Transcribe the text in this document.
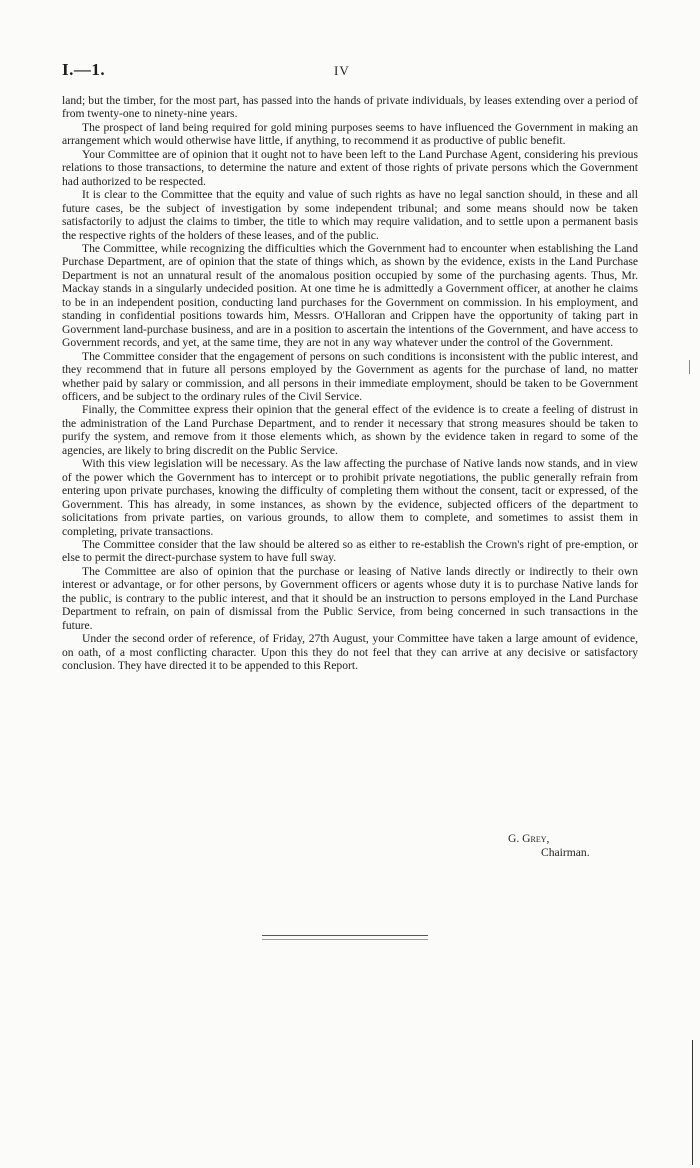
I.—1.	IV

land; but the timber, for the most part, has passed into the hands of private individuals, by leases extending over a period of from twenty-one to ninety-nine years.

The prospect of land being required for gold mining purposes seems to have influenced the Government in making an arrangement which would otherwise have little, if anything, to recommend it as productive of public benefit.

Your Committee are of opinion that it ought not to have been left to the Land Purchase Agent, considering his previous relations to those transactions, to determine the nature and extent of those rights of private persons which the Government had authorized to be respected.

It is clear to the Committee that the equity and value of such rights as have no legal sanction should, in these and all future cases, be the subject of investigation by some independent tribunal; and some means should now be taken satisfactorily to adjust the claims to timber, the title to which may require validation, and to settle upon a permanent basis the respective rights of the holders of these leases, and of the public.

The Committee, while recognizing the difficulties which the Government had to encounter when establishing the Land Purchase Department, are of opinion that the state of things which, as shown by the evidence, exists in the Land Purchase Department is not an unnatural result of the anomalous position occupied by some of the purchasing agents. Thus, Mr. Mackay stands in a singularly undecided position. At one time he is admittedly a Government officer, at another he claims to be in an independent position, conducting land purchases for the Government on commission. In his employment, and standing in confidential positions towards him, Messrs. O'Halloran and Crippen have the opportunity of taking part in Government land-purchase business, and are in a position to ascertain the intentions of the Government, and have access to Government records, and yet, at the same time, they are not in any way whatever under the control of the Government.

The Committee consider that the engagement of persons on such conditions is inconsistent with the public interest, and they recommend that in future all persons employed by the Government as agents for the purchase of land, no matter whether paid by salary or commission, and all persons in their immediate employment, should be taken to be Government officers, and be subject to the ordinary rules of the Civil Service.

Finally, the Committee express their opinion that the general effect of the evidence is to create a feeling of distrust in the administration of the Land Purchase Department, and to render it necessary that strong measures should be taken to purify the system, and remove from it those elements which, as shown by the evidence taken in regard to some of the agencies, are likely to bring discredit on the Public Service.

With this view legislation will be necessary. As the law affecting the purchase of Native lands now stands, and in view of the power which the Government has to intercept or to prohibit private negotiations, the public generally refrain from entering upon private purchases, knowing the difficulty of completing them without the consent, tacit or expressed, of the Government. This has already, in some instances, as shown by the evidence, subjected officers of the department to solicitations from private parties, on various grounds, to allow them to complete, and sometimes to assist them in completing, private transactions.

The Committee consider that the law should be altered so as either to re-establish the Crown's right of pre-emption, or else to permit the direct-purchase system to have full sway.

The Committee are also of opinion that the purchase or leasing of Native lands directly or indirectly to their own interest or advantage, or for other persons, by Government officers or agents whose duty it is to purchase Native lands for the public, is contrary to the public interest, and that it should be an instruction to persons employed in the Land Purchase Department to refrain, on pain of dismissal from the Public Service, from being concerned in such transactions in the future.

Under the second order of reference, of Friday, 27th August, your Committee have taken a large amount of evidence, on oath, of a most conflicting character. Upon this they do not feel that they can arrive at any decisive or satisfactory conclusion. They have directed it to be appended to this Report.

G. Grey,
Chairman.
